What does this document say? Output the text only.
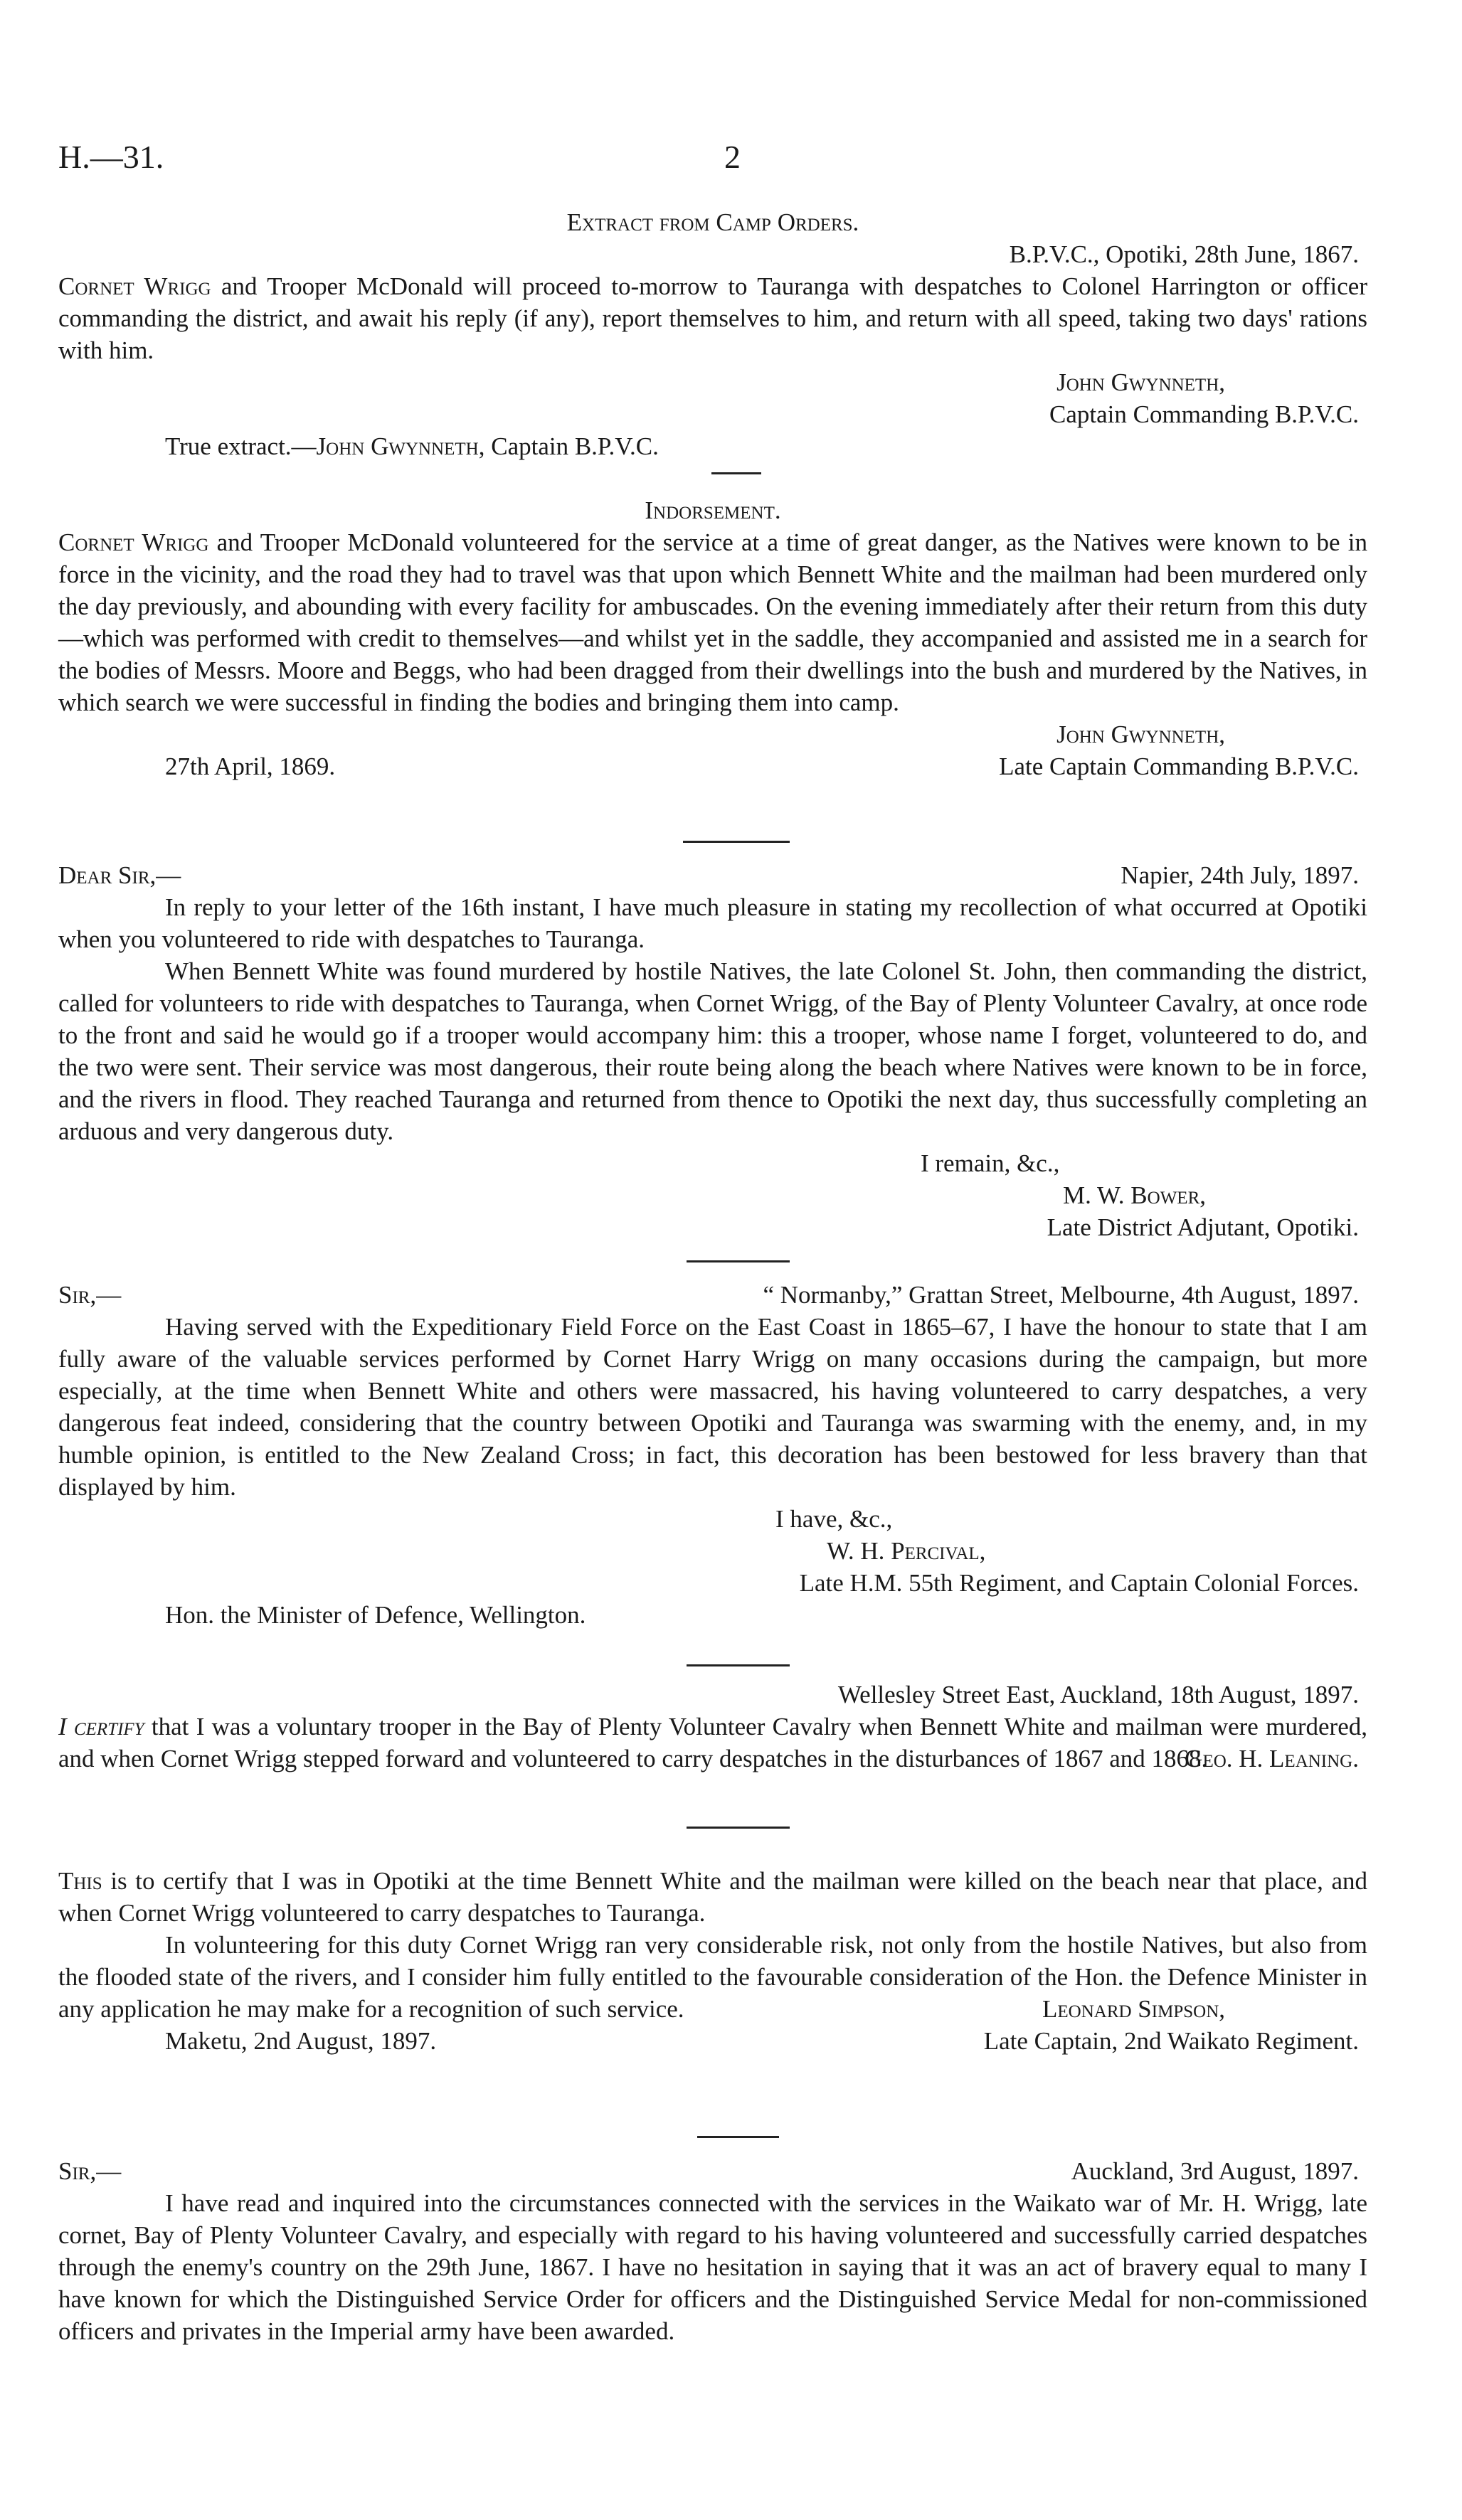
H.—31.	2
Extract from Camp Orders.
B.P.V.C., Opotiki, 28th June, 1867.
Cornet Wrigg and Trooper McDonald will proceed to-morrow to Tauranga with despatches to Colonel Harrington or officer commanding the district, and await his reply (if any), report themselves to him, and return with all speed, taking two days' rations with him.
John Gwynneth,
Captain Commanding B.P.V.C.
True extract.—John Gwynneth, Captain B.P.V.C.
Indorsement.
Cornet Wrigg and Trooper McDonald volunteered for the service at a time of great danger, as the Natives were known to be in force in the vicinity, and the road they had to travel was that upon which Bennett White and the mailman had been murdered only the day previously, and abounding with every facility for ambuscades. On the evening immediately after their return from this duty—which was performed with credit to themselves—and whilst yet in the saddle, they accompanied and assisted me in a search for the bodies of Messrs. Moore and Beggs, who had been dragged from their dwellings into the bush and murdered by the Natives, in which search we were successful in finding the bodies and bringing them into camp.
John Gwynneth,
27th April, 1869.	Late Captain Commanding B.P.V.C.
Dear Sir,—	Napier, 24th July, 1897.
In reply to your letter of the 16th instant, I have much pleasure in stating my recollection of what occurred at Opotiki when you volunteered to ride with despatches to Tauranga.
When Bennett White was found murdered by hostile Natives, the late Colonel St. John, then commanding the district, called for volunteers to ride with despatches to Tauranga, when Cornet Wrigg, of the Bay of Plenty Volunteer Cavalry, at once rode to the front and said he would go if a trooper would accompany him: this a trooper, whose name I forget, volunteered to do, and the two were sent. Their service was most dangerous, their route being along the beach where Natives were known to be in force, and the rivers in flood. They reached Tauranga and returned from thence to Opotiki the next day, thus successfully completing an arduous and very dangerous duty.
I remain, &c.,
M. W. Bower,
Late District Adjutant, Opotiki.
Sir,—	“ Normanby,” Grattan Street, Melbourne, 4th August, 1897.
Having served with the Expeditionary Field Force on the East Coast in 1865–67, I have the honour to state that I am fully aware of the valuable services performed by Cornet Harry Wrigg on many occasions during the campaign, but more especially, at the time when Bennett White and others were massacred, his having volunteered to carry despatches, a very dangerous feat indeed, considering that the country between Opotiki and Tauranga was swarming with the enemy, and, in my humble opinion, is entitled to the New Zealand Cross; in fact, this decoration has been bestowed for less bravery than that displayed by him.
I have, &c.,
W. H. Percival,
Late H.M. 55th Regiment, and Captain Colonial Forces.
Hon. the Minister of Defence, Wellington.
Wellesley Street East, Auckland, 18th August, 1897.
I certify that I was a voluntary trooper in the Bay of Plenty Volunteer Cavalry when Bennett White and mailman were murdered, and when Cornet Wrigg stepped forward and volunteered to carry despatches in the disturbances of 1867 and 1868.
Geo. H. Leaning.
This is to certify that I was in Opotiki at the time Bennett White and the mailman were killed on the beach near that place, and when Cornet Wrigg volunteered to carry despatches to Tauranga.
In volunteering for this duty Cornet Wrigg ran very considerable risk, not only from the hostile Natives, but also from the flooded state of the rivers, and I consider him fully entitled to the favourable consideration of the Hon. the Defence Minister in any application he may make for a recognition of such service.	Leonard Simpson,
Maketu, 2nd August, 1897.	Late Captain, 2nd Waikato Regiment.
Sir,—	Auckland, 3rd August, 1897.
I have read and inquired into the circumstances connected with the services in the Waikato war of Mr. H. Wrigg, late cornet, Bay of Plenty Volunteer Cavalry, and especially with regard to his having volunteered and successfully carried despatches through the enemy's country on the 29th June, 1867. I have no hesitation in saying that it was an act of bravery equal to many I have known for which the Distinguished Service Order for officers and the Distinguished Service Medal for non-commissioned officers and privates in the Imperial army have been awarded.
